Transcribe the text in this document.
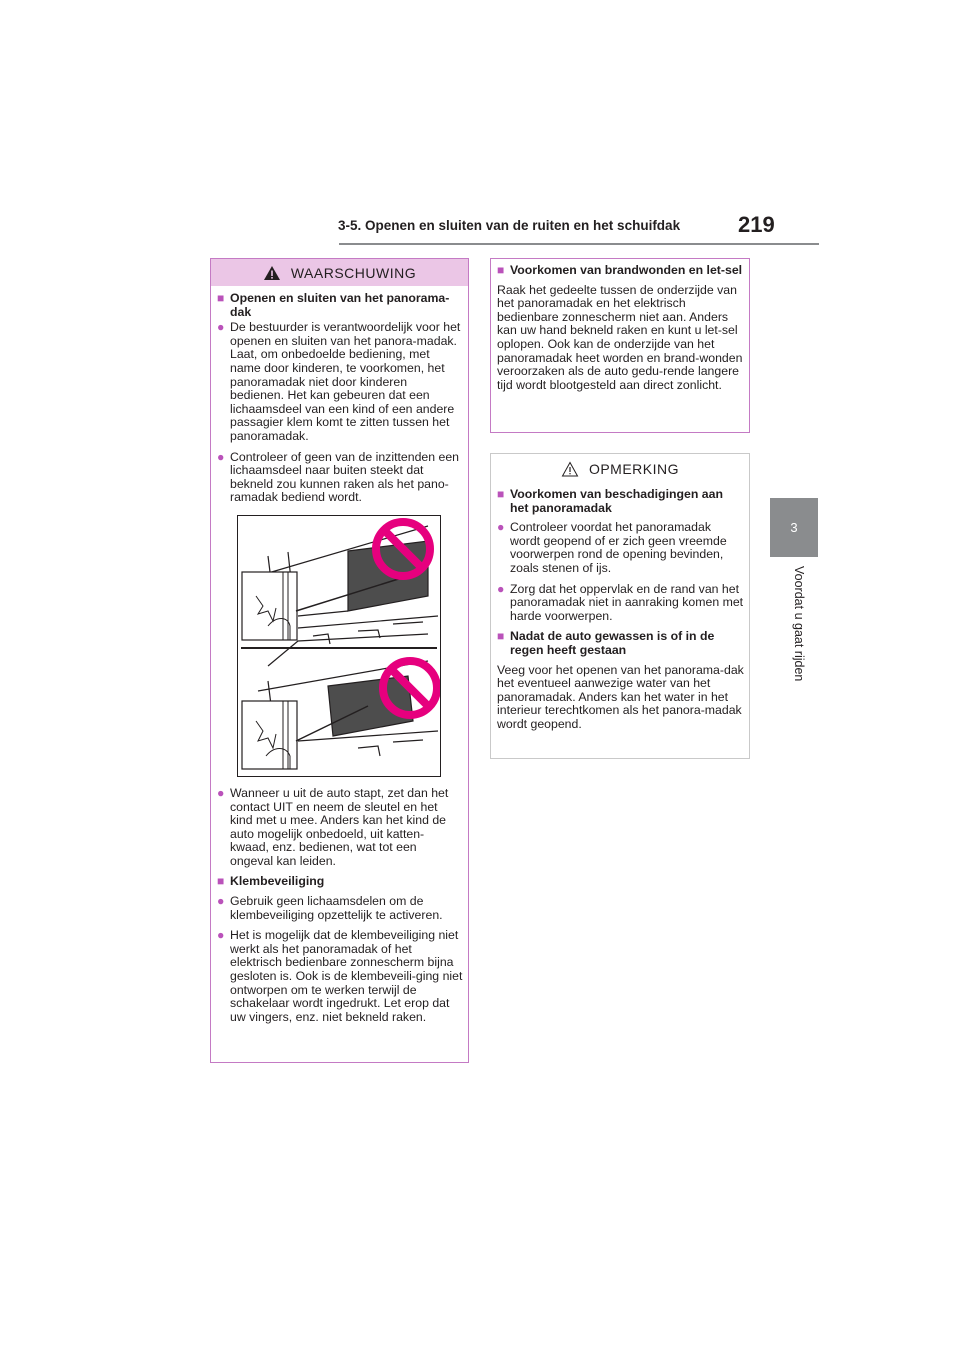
3-5. Openen en sluiten van de ruiten en het schuifdak	219
3
Voordat u gaat rijden
WAARSCHUWING
■ Openen en sluiten van het panorama-dak
● De bestuurder is verantwoordelijk voor het openen en sluiten van het panora-madak. Laat, om onbedoelde bediening, met name door kinderen, te voorkomen, het panoramadak niet door kinderen bedienen. Het kan gebeuren dat een lichaamsdeel van een kind of een andere passagier klem komt te zitten tussen het panoramadak.
● Controleer of geen van de inzittenden een lichaamsdeel naar buiten steekt dat bekneld zou kunnen raken als het pano-ramadak bediend wordt.
● Wanneer u uit de auto stapt, zet dan het contact UIT en neem de sleutel en het kind met u mee. Anders kan het kind de auto mogelijk onbedoeld, uit katten-kwaad, enz. bedienen, wat tot een ongeval kan leiden.
■ Klembeveiliging
● Gebruik geen lichaamsdelen om de klembeveiliging opzettelijk te activeren.
● Het is mogelijk dat de klembeveiliging niet werkt als het panoramadak of het elektrisch bedienbare zonnescherm bijna gesloten is. Ook is de klembeveili-ging niet ontworpen om te werken terwijl de schakelaar wordt ingedrukt. Let erop dat uw vingers, enz. niet bekneld raken.
■ Voorkomen van brandwonden en let-sel
Raak het gedeelte tussen de onderzijde van het panoramadak en het elektrisch bedienbare zonnescherm niet aan. Anders kan uw hand bekneld raken en kunt u let-sel oplopen. Ook kan de onderzijde van het panoramadak heet worden en brand-wonden veroorzaken als de auto gedu-rende langere tijd wordt blootgesteld aan direct zonlicht.
OPMERKING
■ Voorkomen van beschadigingen aan het panoramadak
● Controleer voordat het panoramadak wordt geopend of er zich geen vreemde voorwerpen rond de opening bevinden, zoals stenen of ijs.
● Zorg dat het oppervlak en de rand van het panoramadak niet in aanraking komen met harde voorwerpen.
■ Nadat de auto gewassen is of in de regen heeft gestaan
Veeg voor het openen van het panorama-dak het eventueel aanwezige water van het panoramadak. Anders kan het water in het interieur terechtkomen als het panora-madak wordt geopend.
